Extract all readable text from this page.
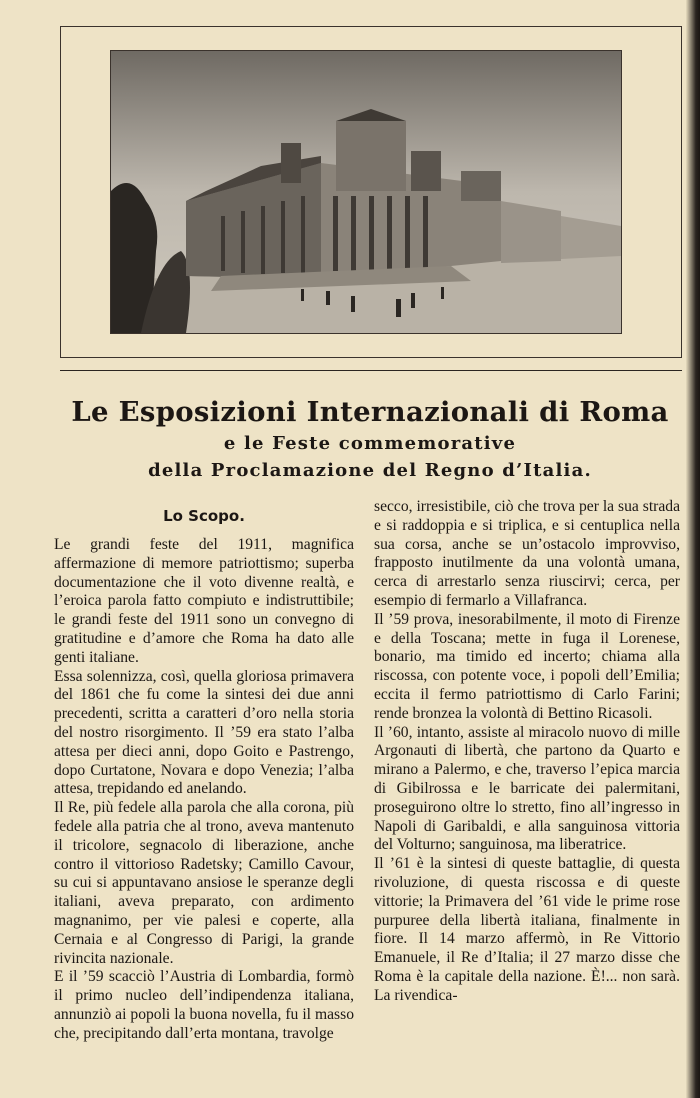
Le Esposizioni Internazionali di Roma
e le Feste commemorative
della Proclamazione del Regno d’Italia.
Lo Scopo.
Le grandi feste del 1911, magnifica affermazione di memore patriottismo; superba documentazione che il voto divenne realtà, e l’eroica parola fatto compiuto e indistruttibile; le grandi feste del 1911 sono un convegno di gratitudine e d’amore che Roma ha dato alle genti italiane.
Essa solennizza, così, quella gloriosa primavera del 1861 che fu come la sintesi dei due anni precedenti, scritta a caratteri d’oro nella storia del nostro risorgimento. Il ’59 era stato l’alba attesa per dieci anni, dopo Goito e Pastrengo, dopo Curtatone, Novara e dopo Venezia; l’alba attesa, trepidando ed anelando.
Il Re, più fedele alla parola che alla corona, più fedele alla patria che al trono, aveva mantenuto il tricolore, segnacolo di liberazione, anche contro il vittorioso Radetsky; Camillo Cavour, su cui si appuntavano ansiose le speranze degli italiani, aveva preparato, con ardimento magnanimo, per vie palesi e coperte, alla Cernaia e al Congresso di Parigi, la grande rivincita nazionale.
E il ’59 scacciò l’Austria di Lombardia, formò il primo nucleo dell’indipendenza italiana, annunziò ai popoli la buona novella, fu il masso che, precipitando dall’erta montana, travolge
secco, irresistibile, ciò che trova per la sua strada e si raddoppia e si triplica, e si centuplica nella sua corsa, anche se un’ostacolo improvviso, frapposto inutilmente da una volontà umana, cerca di arrestarlo senza riuscirvi; cerca, per esempio di fermarlo a Villafranca.
Il ’59 prova, inesorabilmente, il moto di Firenze e della Toscana; mette in fuga il Lorenese, bonario, ma timido ed incerto; chiama alla riscossa, con potente voce, i popoli dell’Emilia; eccita il fermo patriottismo di Carlo Farini; rende bronzea la volontà di Bettino Ricasoli.
Il ’60, intanto, assiste al miracolo nuovo di mille Argonauti di libertà, che partono da Quarto e mirano a Palermo, e che, traverso l’epica marcia di Gibilrossa e le barricate dei palermitani, proseguirono oltre lo stretto, fino all’ingresso in Napoli di Garibaldi, e alla sanguinosa vittoria del Volturno; sanguinosa, ma liberatrice.
Il ’61 è la sintesi di queste battaglie, di questa rivoluzione, di questa riscossa e di queste vittorie; la Primavera del ’61 vide le prime rose purpuree della libertà italiana, finalmente in fiore. Il 14 marzo affermò, in Re Vittorio Emanuele, il Re d’Italia; il 27 marzo disse che Roma è la capitale della nazione. È!... non sarà. La rivendica-
